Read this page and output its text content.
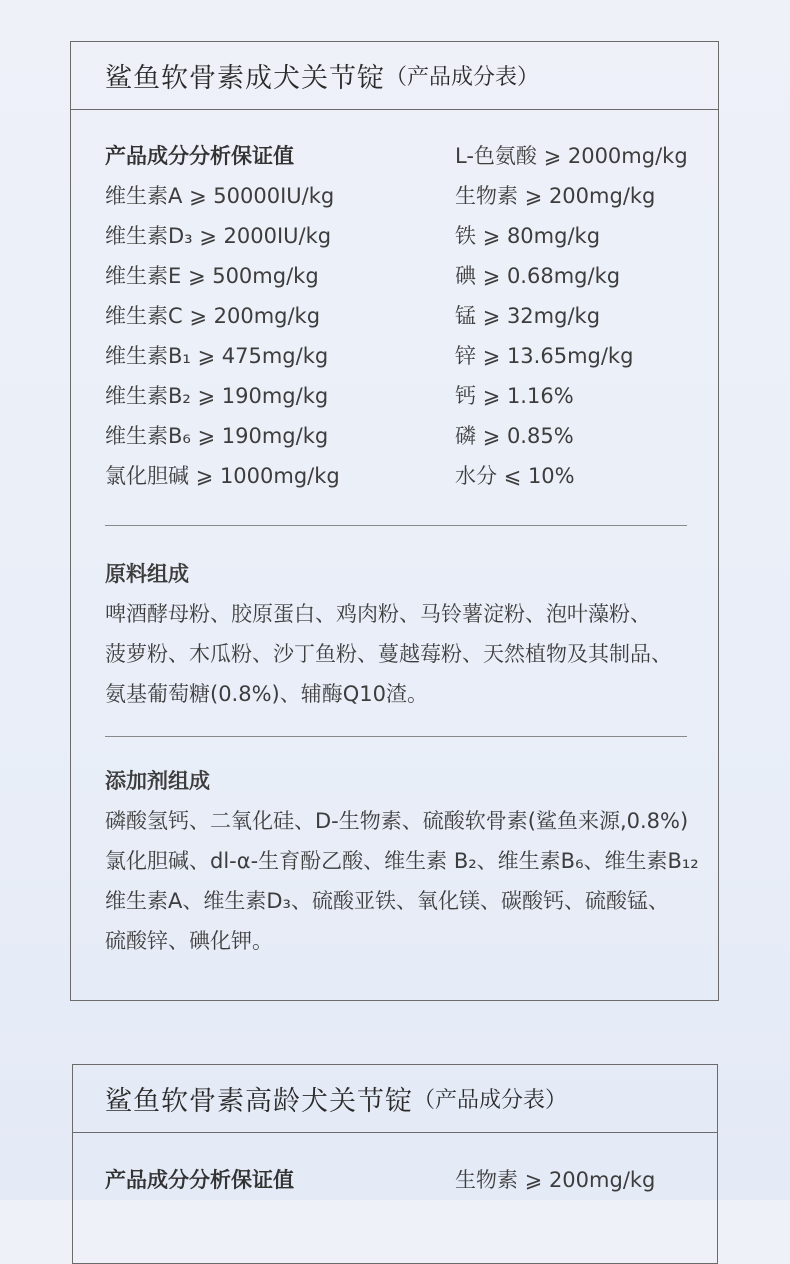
鲨鱼软骨素成犬关节锭 （产品成分表）
产品成分分析保证值
维生素A ⩾ 50000IU/kg
维生素D₃ ⩾ 2000IU/kg
维生素E ⩾ 500mg/kg
维生素C ⩾ 200mg/kg
维生素B₁ ⩾ 475mg/kg
维生素B₂ ⩾ 190mg/kg
维生素B₆ ⩾ 190mg/kg
氯化胆碱 ⩾ 1000mg/kg
L-色氨酸 ⩾ 2000mg/kg
生物素 ⩾ 200mg/kg
铁 ⩾ 80mg/kg
碘 ⩾ 0.68mg/kg
锰 ⩾ 32mg/kg
锌 ⩾ 13.65mg/kg
钙 ⩾ 1.16%
磷 ⩾ 0.85%
水分 ⩽ 10%
原料组成
啤酒酵母粉、胶原蛋白、鸡肉粉、马铃薯淀粉、泡叶藻粉、
菠萝粉、木瓜粉、沙丁鱼粉、蔓越莓粉、天然植物及其制品、
氨基葡萄糖(0.8%)、辅酶Q10渣。
添加剂组成
磷酸氢钙、二氧化硅、D-生物素、硫酸软骨素(鲨鱼来源,0.8%)
氯化胆碱、dl-α-生育酚乙酸、维生素 B₂、维生素B₆、维生素B₁₂
维生素A、维生素D₃、硫酸亚铁、氧化镁、碳酸钙、硫酸锰、
硫酸锌、碘化钾。
鲨鱼软骨素高龄犬关节锭 （产品成分表）
产品成分分析保证值	生物素 ⩾ 200mg/kg
